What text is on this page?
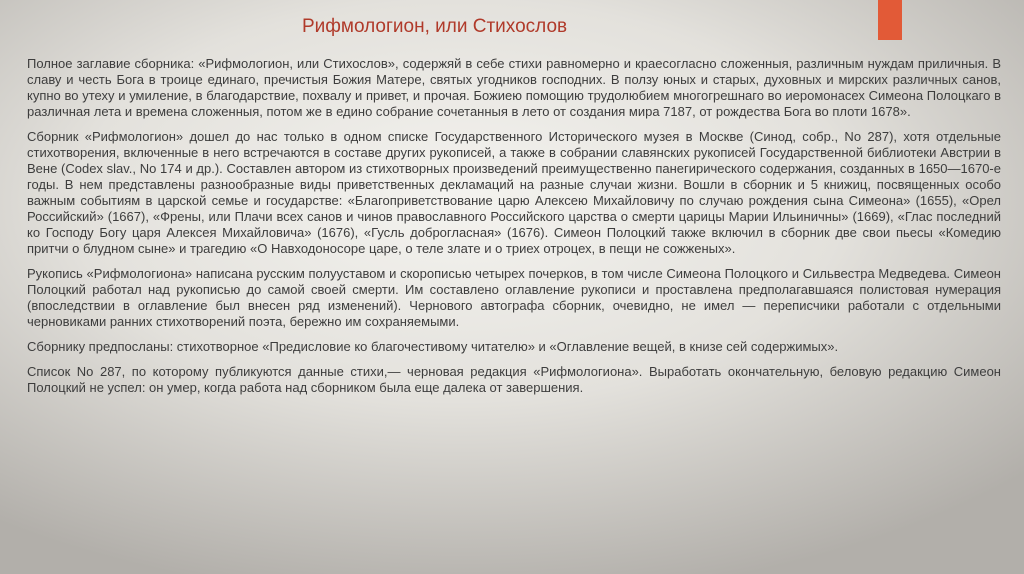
Рифмологион, или Стихослов

Полное заглавие сборника: «Рифмологион, или Стихослов», содержяй в себе стихи равномерно и краесогласно сложенныя, различным нуждам приличныя. В славу и честь Бога в троице единаго, пречистыя Божия Матере, святых угодников господних. В ползу юных и старых, духовных и мирских различных санов, купно во утеху и умиление, в благодарствие, похвалу и привет, и прочая. Божиею помощию трудолюбием многогрешнаго во иеромонасех Симеона Полоцкаго в различная лета и времена сложенныя, потом же в едино собрание сочетанныя в лето от создания мира 7187, от рождества Бога во плоти 1678».

Сборник «Рифмологион» дошел до нас только в одном списке Государственного Исторического музея в Москве (Синод, собр., No 287), хотя отдельные стихотворения, включенные в него встречаются в составе других рукописей, а также в собрании славянских рукописей Государственной библиотеки Австрии в Вене (Codex slav., No 174 и др.). Составлен автором из стихотворных произведений преимущественно панегирического содержания, созданных в 1650—1670-е годы. В нем представлены разнообразные виды приветственных декламаций на разные случаи жизни. Вошли в сборник и 5 книжиц, посвященных особо важным событиям в царской семье и государстве: «Благоприветствование царю Алексею Михайловичу по случаю рождения сына Симеона» (1655), «Орел Российский» (1667), «Френы, или Плачи всех санов и чинов православного Российского царства о смерти царицы Марии Ильиничны» (1669), «Глас последний ко Господу Богу царя Алексея Михайловича» (1676), «Гусль доброгласная» (1676). Симеон Полоцкий также включил в сборник две свои пьесы «Комедию притчи о блудном сыне» и трагедию «О Навходоносоре царе, о теле злате и о триех отроцех, в пещи не сожженых».

Рукопись «Рифмологиона» написана русским полууставом и скорописью четырех почерков, в том числе Симеона Полоцкого и Сильвестра Медведева. Симеон Полоцкий работал над рукописью до самой своей смерти. Им составлено оглавление рукописи и проставлена предполагавшаяся полистовая нумерация (впоследствии в оглавление был внесен ряд изменений). Чернового автографа сборник, очевидно, не имел — переписчики работали с отдельными черновиками ранних стихотворений поэта, бережно им сохраняемыми.

Сборнику предпосланы: стихотворное «Предисловие ко благочестивому читателю» и «Оглавление вещей, в книзе сей содержимых».

Список No 287, по которому публикуются данные стихи,— черновая редакция «Рифмологиона». Выработать окончательную, беловую редакцию Симеон Полоцкий не успел: он умер, когда работа над сборником была еще далека от завершения.
